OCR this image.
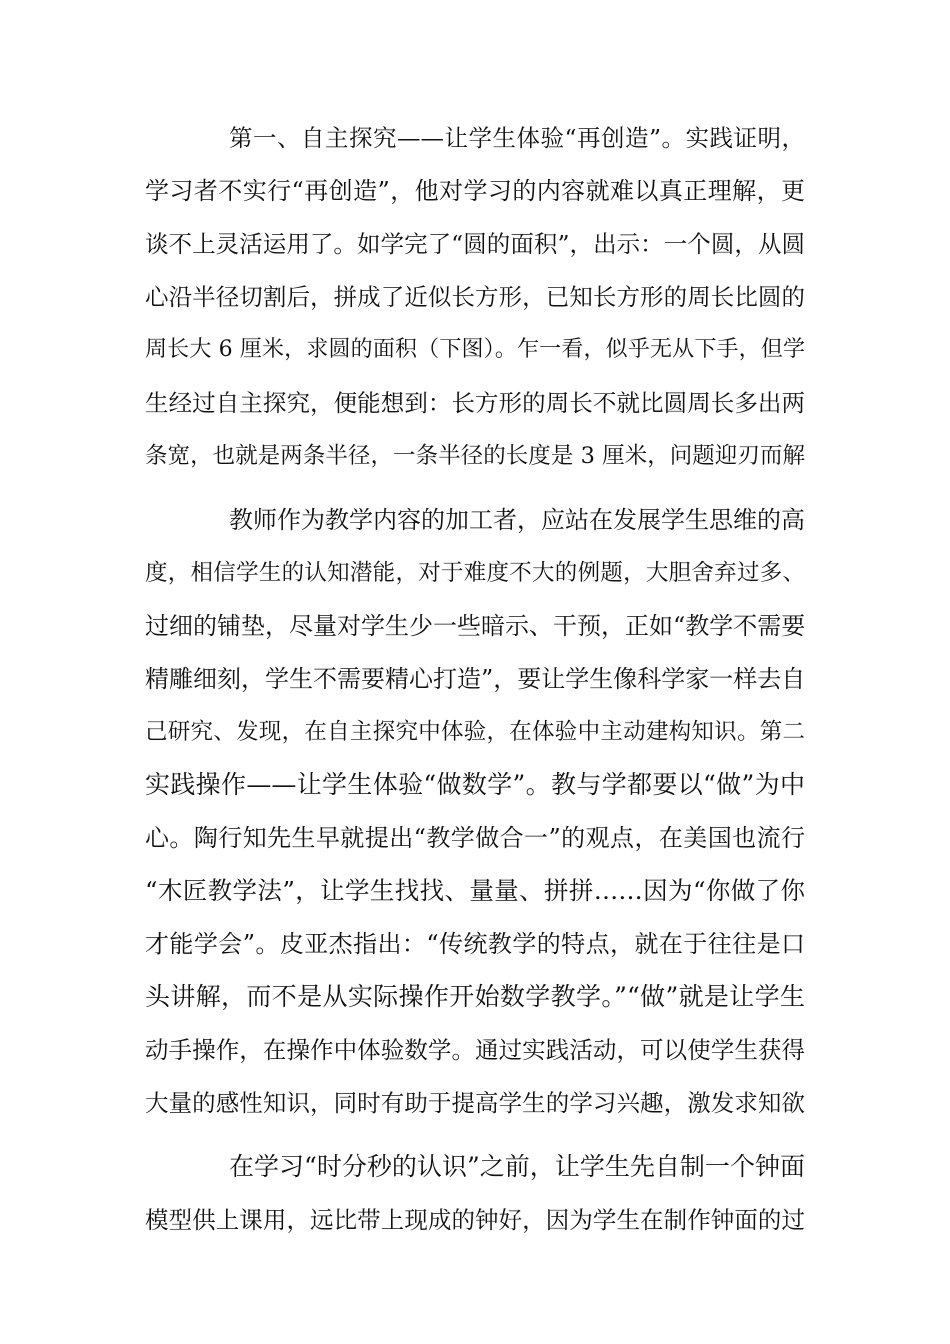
第一、自主探究——让学生体验“再创造”。实践证明，
学习者不实行“再创造”，他对学习的内容就难以真正理解，更
谈不上灵活运用了。如学完了“圆的面积”，出示：一个圆，从圆
心沿半径切割后，拼成了近似长方形，已知长方形的周长比圆的
周长大 6 厘米，求圆的面积（下图）。乍一看，似乎无从下手，但学
生经过自主探究，便能想到：长方形的周长不就比圆周长多出两
条宽，也就是两条半径，一条半径的长度是 3 厘米，问题迎刃而解
教师作为教学内容的加工者，应站在发展学生思维的高
度，相信学生的认知潜能，对于难度不大的例题，大胆舍弃过多、
过细的铺垫，尽量对学生少一些暗示、干预，正如“教学不需要
精雕细刻，学生不需要精心打造”，要让学生像科学家一样去自
己研究、发现，在自主探究中体验，在体验中主动建构知识。第二
实践操作——让学生体验“做数学”。教与学都要以“做”为中
心。陶行知先生早就提出“教学做合一”的观点，在美国也流行
“木匠教学法”，让学生找找、量量、拼拼……因为“你做了你
才能学会”。皮亚杰指出：“传统教学的特点，就在于往往是口
头讲解，而不是从实际操作开始数学教学。”“做”就是让学生
动手操作，在操作中体验数学。通过实践活动，可以使学生获得
大量的感性知识，同时有助于提高学生的学习兴趣，激发求知欲
在学习“时分秒的认识”之前，让学生先自制一个钟面
模型供上课用，远比带上现成的钟好，因为学生在制作钟面的过
